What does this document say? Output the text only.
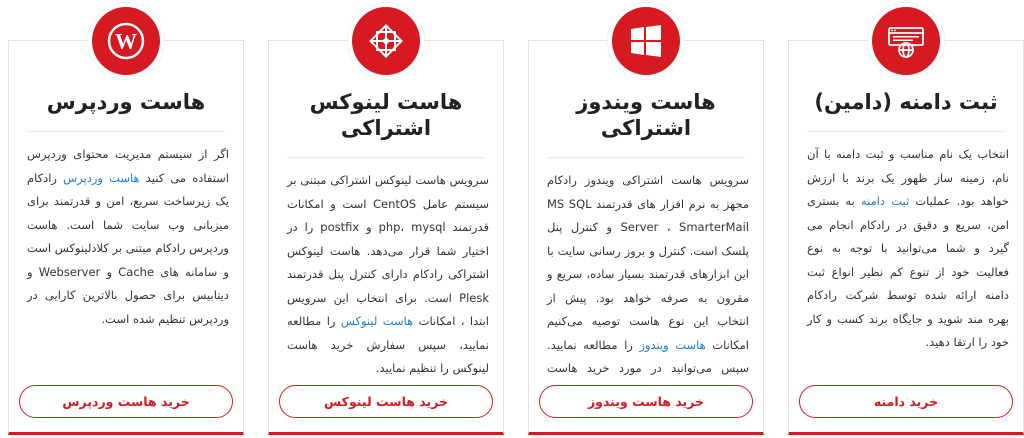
W
هاست وردپرس
اگر از سیستم مدیریت محتوای وردپرس استفاده می کنید هاست وردپرس رادکام یک زیرساخت سریع، امن و قدرتمند برای میزبانی وب سایت شما است. هاست وردپرس رادکام مبتنی بر کلادلینوکس است و سامانه های Cache و Webserver و دیتابیس برای حصول بالاترین کارایی در وردپرس تنظیم شده است.
خرید هاست وردپرس
هاست لینوکس اشتراکی
سرویس هاست لینوکس اشتراکی مبتنی بر سیستم عامل CentOS است و امکانات قدرتمند php، mysql و postfix را در اختیار شما قرار می‌دهد. هاست لینوکس اشتراکی رادکام دارای کنترل پنل قدرتمند Plesk است. برای انتخاب این سرویس ابتدا ، امکانات هاست لینوکس را مطالعه نمایید، سپس سفارش خرید هاست لینوکس را تنظیم نمایید.
خرید هاست لینوکس
هاست ویندوز اشتراکی
سرویس هاست اشتراکی ویندوز رادکام مجهز به نرم افزار های قدرتمند MS SQL Server ، SmarterMail و کنترل پنل پلسک است. کنترل و بروز رسانی سایت با این ابزارهای قدرتمند بسیار ساده، سریع و مقرون به صرفه خواهد بود. پیش از انتخاب این نوع هاست توصیه می‌کنیم امکانات هاست ویندوز را مطالعه نمایید. سپس می‌توانید در مورد خرید هاست
خرید هاست ویندوز
ثبت دامنه (دامین)
انتخاب یک نام مناسب و ثبت دامنه با آن نام، زمینه ساز ظهور یک برند با ارزش خواهد بود. عملیات ثبت دامنه به بستری امن، سریع و دقیق در رادکام انجام می گیرد و شما می‌توانید با توجه به نوع فعالیت خود از تنوع کم نظیر انواع ثبت دامنه ارائه شده توسط شرکت رادکام بهره مند شوید و جایگاه برند کسب و کار خود را ارتقا دهید.
خرید دامنه
